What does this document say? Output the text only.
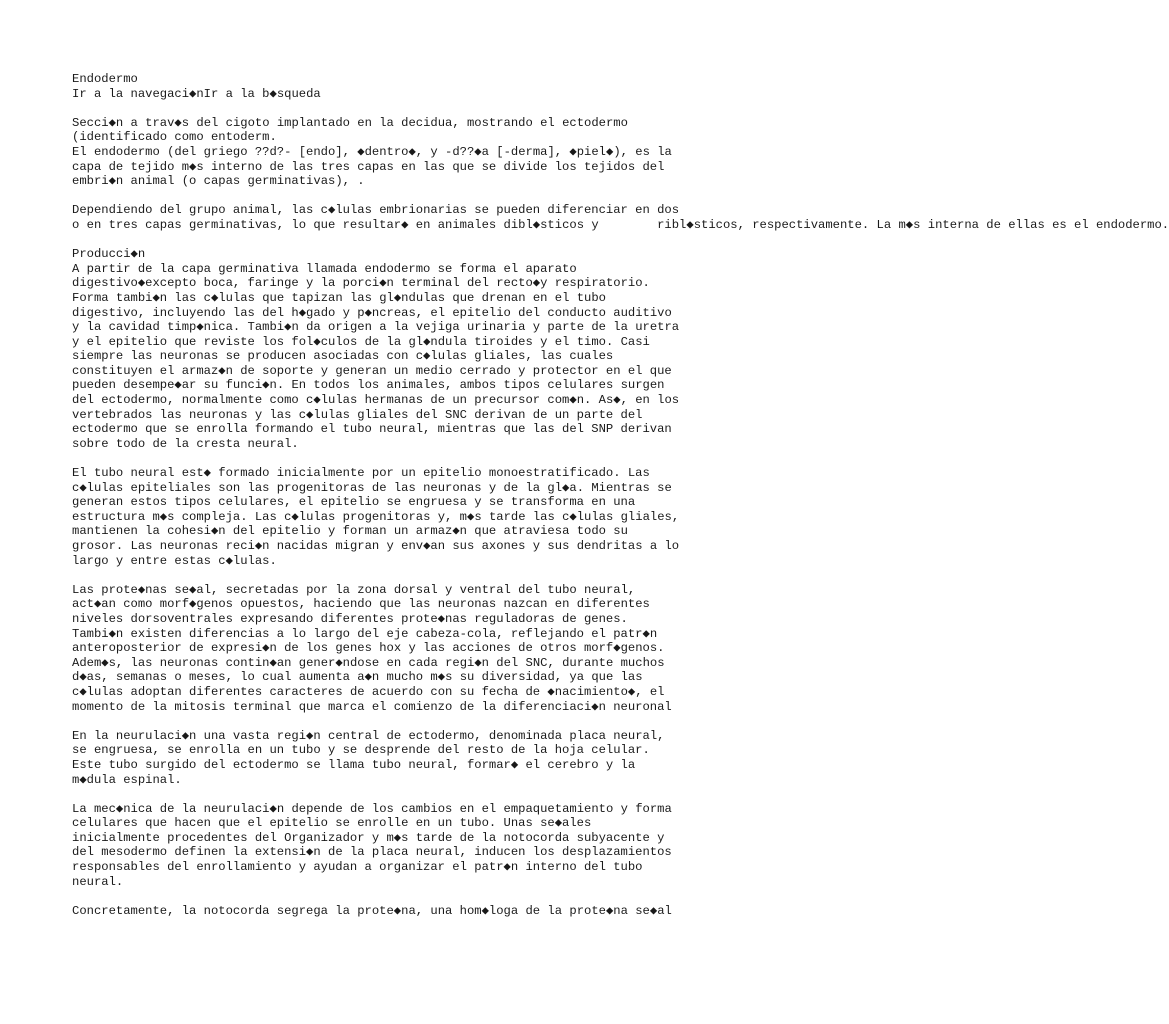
Endodermo
Ir a la navegaci◆nIr a la b◆squeda
Secci◆n a trav◆s del cigoto implantado en la decidua, mostrando el ectodermo
(identificado como entoderm.
El endodermo (del griego ??d?- [endo], ◆dentro◆, y -d??◆a [-derma], ◆piel◆), es la
capa de tejido m◆s interno de las tres capas en las que se divide los tejidos del
embri◆n animal (o capas germinativas), .
Dependiendo del grupo animal, las c◆lulas embrionarias se pueden diferenciar en dos
o en tres capas germinativas, lo que resultar◆ en animales dibl◆sticos y	ribl◆sticos, respectivamente. La m◆s interna de ellas es el endodermo.
Producci◆n
A partir de la capa germinativa llamada endodermo se forma el aparato
digestivo◆excepto boca, faringe y la porci◆n terminal del recto◆y respiratorio.
Forma tambi◆n las c◆lulas que tapizan las gl◆ndulas que drenan en el tubo
digestivo, incluyendo las del h◆gado y p◆ncreas, el epitelio del conducto auditivo
y la cavidad timp◆nica. Tambi◆n da origen a la vejiga urinaria y parte de la uretra
y el epitelio que reviste los fol◆culos de la gl◆ndula tiroides y el timo. Casi
siempre las neuronas se producen asociadas con c◆lulas gliales, las cuales
constituyen el armaz◆n de soporte y generan un medio cerrado y protector en el que
pueden desempe◆ar su funci◆n. En todos los animales, ambos tipos celulares surgen
del ectodermo, normalmente como c◆lulas hermanas de un precursor com◆n. As◆, en los
vertebrados las neuronas y las c◆lulas gliales del SNC derivan de un parte del
ectodermo que se enrolla formando el tubo neural, mientras que las del SNP derivan
sobre todo de la cresta neural.
El tubo neural est◆ formado inicialmente por un epitelio monoestratificado. Las
c◆lulas epiteliales son las progenitoras de las neuronas y de la gl◆a. Mientras se
generan estos tipos celulares, el epitelio se engruesa y se transforma en una
estructura m◆s compleja. Las c◆lulas progenitoras y, m◆s tarde las c◆lulas gliales,
mantienen la cohesi◆n del epitelio y forman un armaz◆n que atraviesa todo su
grosor. Las neuronas reci◆n nacidas migran y env◆an sus axones y sus dendritas a lo
largo y entre estas c◆lulas.
Las prote◆nas se◆al, secretadas por la zona dorsal y ventral del tubo neural,
act◆an como morf◆genos opuestos, haciendo que las neuronas nazcan en diferentes
niveles dorsoventrales expresando diferentes prote◆nas reguladoras de genes.
Tambi◆n existen diferencias a lo largo del eje cabeza-cola, reflejando el patr◆n
anteroposterior de expresi◆n de los genes hox y las acciones de otros morf◆genos.
Adem◆s, las neuronas contin◆an gener◆ndose en cada regi◆n del SNC, durante muchos
d◆as, semanas o meses, lo cual aumenta a◆n mucho m◆s su diversidad, ya que las
c◆lulas adoptan diferentes caracteres de acuerdo con su fecha de ◆nacimiento◆, el
momento de la mitosis terminal que marca el comienzo de la diferenciaci◆n neuronal
En la neurulaci◆n una vasta regi◆n central de ectodermo, denominada placa neural,
se engruesa, se enrolla en un tubo y se desprende del resto de la hoja celular.
Este tubo surgido del ectodermo se llama tubo neural, formar◆ el cerebro y la
m◆dula espinal.
La mec◆nica de la neurulaci◆n depende de los cambios en el empaquetamiento y forma
celulares que hacen que el epitelio se enrolle en un tubo. Unas se◆ales
inicialmente procedentes del Organizador y m◆s tarde de la notocorda subyacente y
del mesodermo definen la extensi◆n de la placa neural, inducen los desplazamientos
responsables del enrollamiento y ayudan a organizar el patr◆n interno del tubo
neural.
Concretamente, la notocorda segrega la prote◆na, una hom◆loga de la prote◆na se◆al
